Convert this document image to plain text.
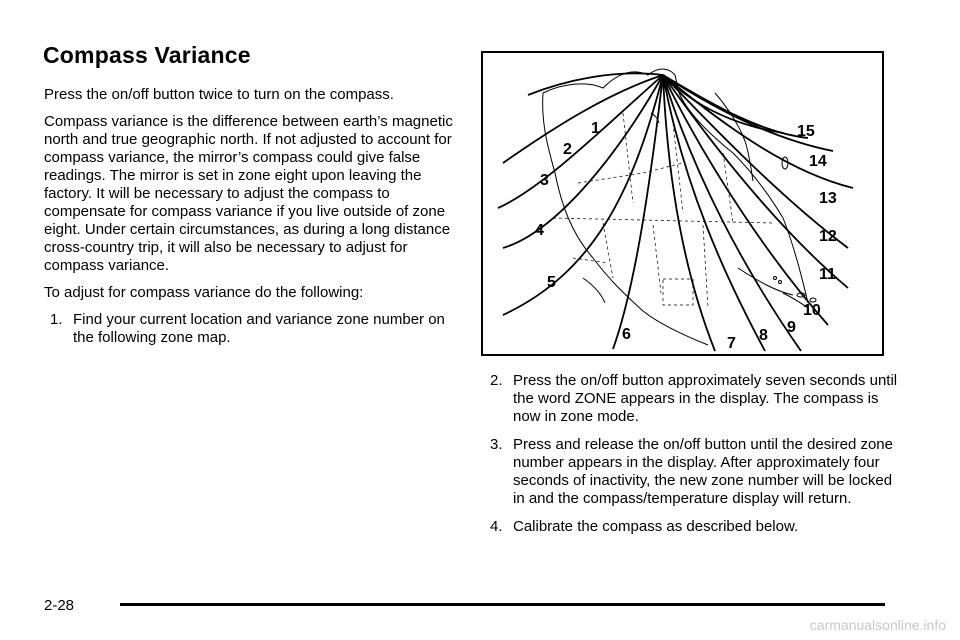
Compass Variance

Press the on/off button twice to turn on the compass.

Compass variance is the difference between earth’s magnetic north and true geographic north. If not adjusted to account for compass variance, the mirror’s compass could give false readings. The mirror is set in zone eight upon leaving the factory. It will be necessary to adjust the compass to compensate for compass variance if you live outside of zone eight. Under certain circumstances, as during a long distance cross-country trip, it will also be necessary to adjust for compass variance.

To adjust for compass variance do the following:

1. Find your current location and variance zone number on the following zone map.
1
2
3
4
5
6
7 8 9
10
11
12
13
14
15
2. Press the on/off button approximately seven seconds until the word ZONE appears in the display. The compass is now in zone mode.
3. Press and release the on/off button until the desired zone number appears in the display. After approximately four seconds of inactivity, the new zone number will be locked in and the compass/temperature display will return.
4. Calibrate the compass as described below.
2-28
carmanualsonline.info
